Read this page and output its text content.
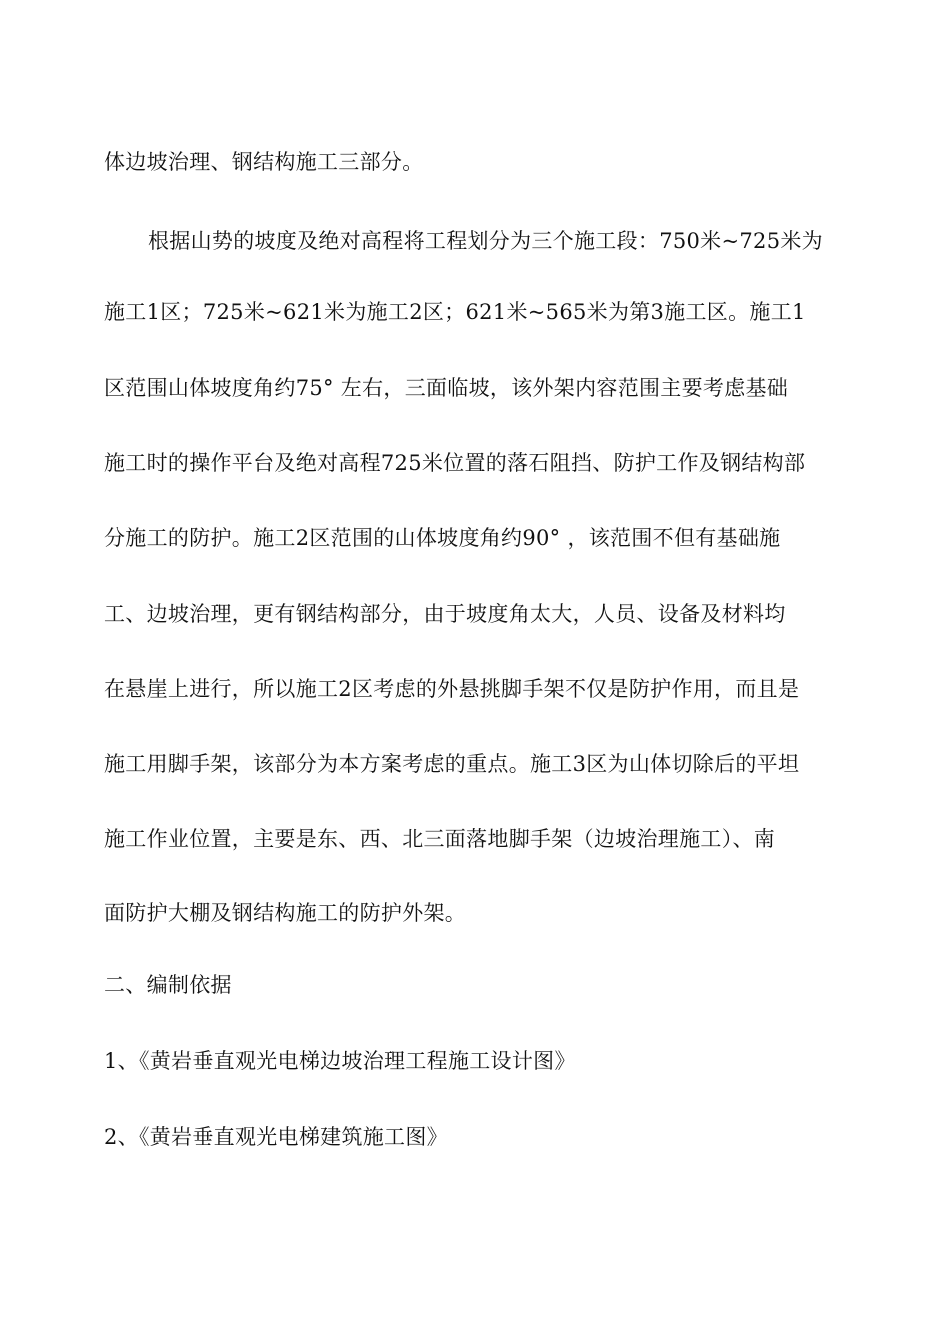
体边坡治理、钢结构施工三部分。
根据山势的坡度及绝对高程将工程划分为三个施工段：750米~725米为
施工1区；725米~621米为施工2区；621米~565米为第3施工区。施工1
区范围山体坡度角约75° 左右，三面临坡，该外架内容范围主要考虑基础
施工时的操作平台及绝对高程725米位置的落石阻挡、防护工作及钢结构部
分施工的防护。施工2区范围的山体坡度角约90° ，该范围不但有基础施
工、边坡治理，更有钢结构部分，由于坡度角太大，人员、设备及材料均
在悬崖上进行，所以施工2区考虑的外悬挑脚手架不仅是防护作用，而且是
施工用脚手架，该部分为本方案考虑的重点。施工3区为山体切除后的平坦
施工作业位置，主要是东、西、北三面落地脚手架（边坡治理施工）、南
面防护大棚及钢结构施工的防护外架。
二、编制依据
1、《黄岩垂直观光电梯边坡治理工程施工设计图》
2、《黄岩垂直观光电梯建筑施工图》
